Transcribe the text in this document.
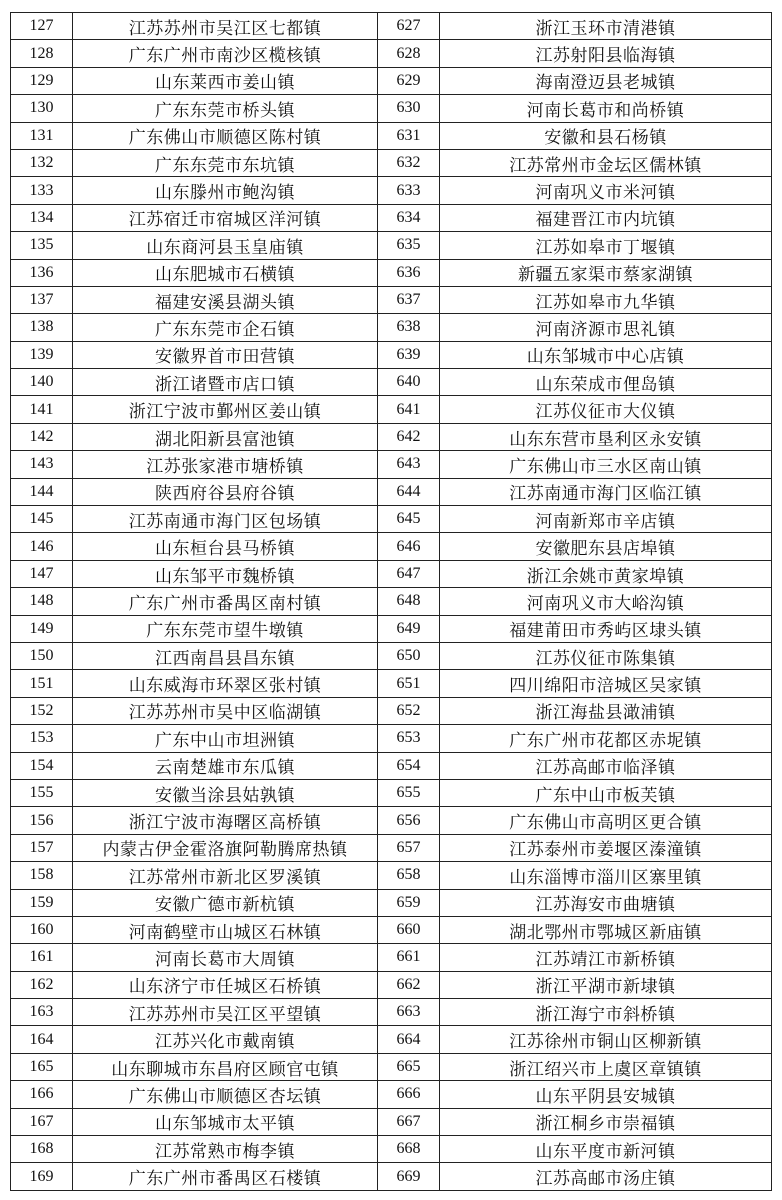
127	江苏苏州市吴江区七都镇	627	浙江玉环市清港镇
128	广东广州市南沙区榄核镇	628	江苏射阳县临海镇
129	山东莱西市姜山镇	629	海南澄迈县老城镇
130	广东东莞市桥头镇	630	河南长葛市和尚桥镇
131	广东佛山市顺德区陈村镇	631	安徽和县石杨镇
132	广东东莞市东坑镇	632	江苏常州市金坛区儒林镇
133	山东滕州市鲍沟镇	633	河南巩义市米河镇
134	江苏宿迁市宿城区洋河镇	634	福建晋江市内坑镇
135	山东商河县玉皇庙镇	635	江苏如皋市丁堰镇
136	山东肥城市石横镇	636	新疆五家渠市蔡家湖镇
137	福建安溪县湖头镇	637	江苏如皋市九华镇
138	广东东莞市企石镇	638	河南济源市思礼镇
139	安徽界首市田营镇	639	山东邹城市中心店镇
140	浙江诸暨市店口镇	640	山东荣成市俚岛镇
141	浙江宁波市鄞州区姜山镇	641	江苏仪征市大仪镇
142	湖北阳新县富池镇	642	山东东营市垦利区永安镇
143	江苏张家港市塘桥镇	643	广东佛山市三水区南山镇
144	陕西府谷县府谷镇	644	江苏南通市海门区临江镇
145	江苏南通市海门区包场镇	645	河南新郑市辛店镇
146	山东桓台县马桥镇	646	安徽肥东县店埠镇
147	山东邹平市魏桥镇	647	浙江余姚市黄家埠镇
148	广东广州市番禺区南村镇	648	河南巩义市大峪沟镇
149	广东东莞市望牛墩镇	649	福建莆田市秀屿区埭头镇
150	江西南昌县昌东镇	650	江苏仪征市陈集镇
151	山东威海市环翠区张村镇	651	四川绵阳市涪城区吴家镇
152	江苏苏州市吴中区临湖镇	652	浙江海盐县澉浦镇
153	广东中山市坦洲镇	653	广东广州市花都区赤坭镇
154	云南楚雄市东瓜镇	654	江苏高邮市临泽镇
155	安徽当涂县姑孰镇	655	广东中山市板芙镇
156	浙江宁波市海曙区高桥镇	656	广东佛山市高明区更合镇
157	内蒙古伊金霍洛旗阿勒腾席热镇	657	江苏泰州市姜堰区溱潼镇
158	江苏常州市新北区罗溪镇	658	山东淄博市淄川区寨里镇
159	安徽广德市新杭镇	659	江苏海安市曲塘镇
160	河南鹤壁市山城区石林镇	660	湖北鄂州市鄂城区新庙镇
161	河南长葛市大周镇	661	江苏靖江市新桥镇
162	山东济宁市任城区石桥镇	662	浙江平湖市新埭镇
163	江苏苏州市吴江区平望镇	663	浙江海宁市斜桥镇
164	江苏兴化市戴南镇	664	江苏徐州市铜山区柳新镇
165	山东聊城市东昌府区顾官屯镇	665	浙江绍兴市上虞区章镇镇
166	广东佛山市顺德区杏坛镇	666	山东平阴县安城镇
167	山东邹城市太平镇	667	浙江桐乡市崇福镇
168	江苏常熟市梅李镇	668	山东平度市新河镇
169	广东广州市番禺区石楼镇	669	江苏高邮市汤庄镇
